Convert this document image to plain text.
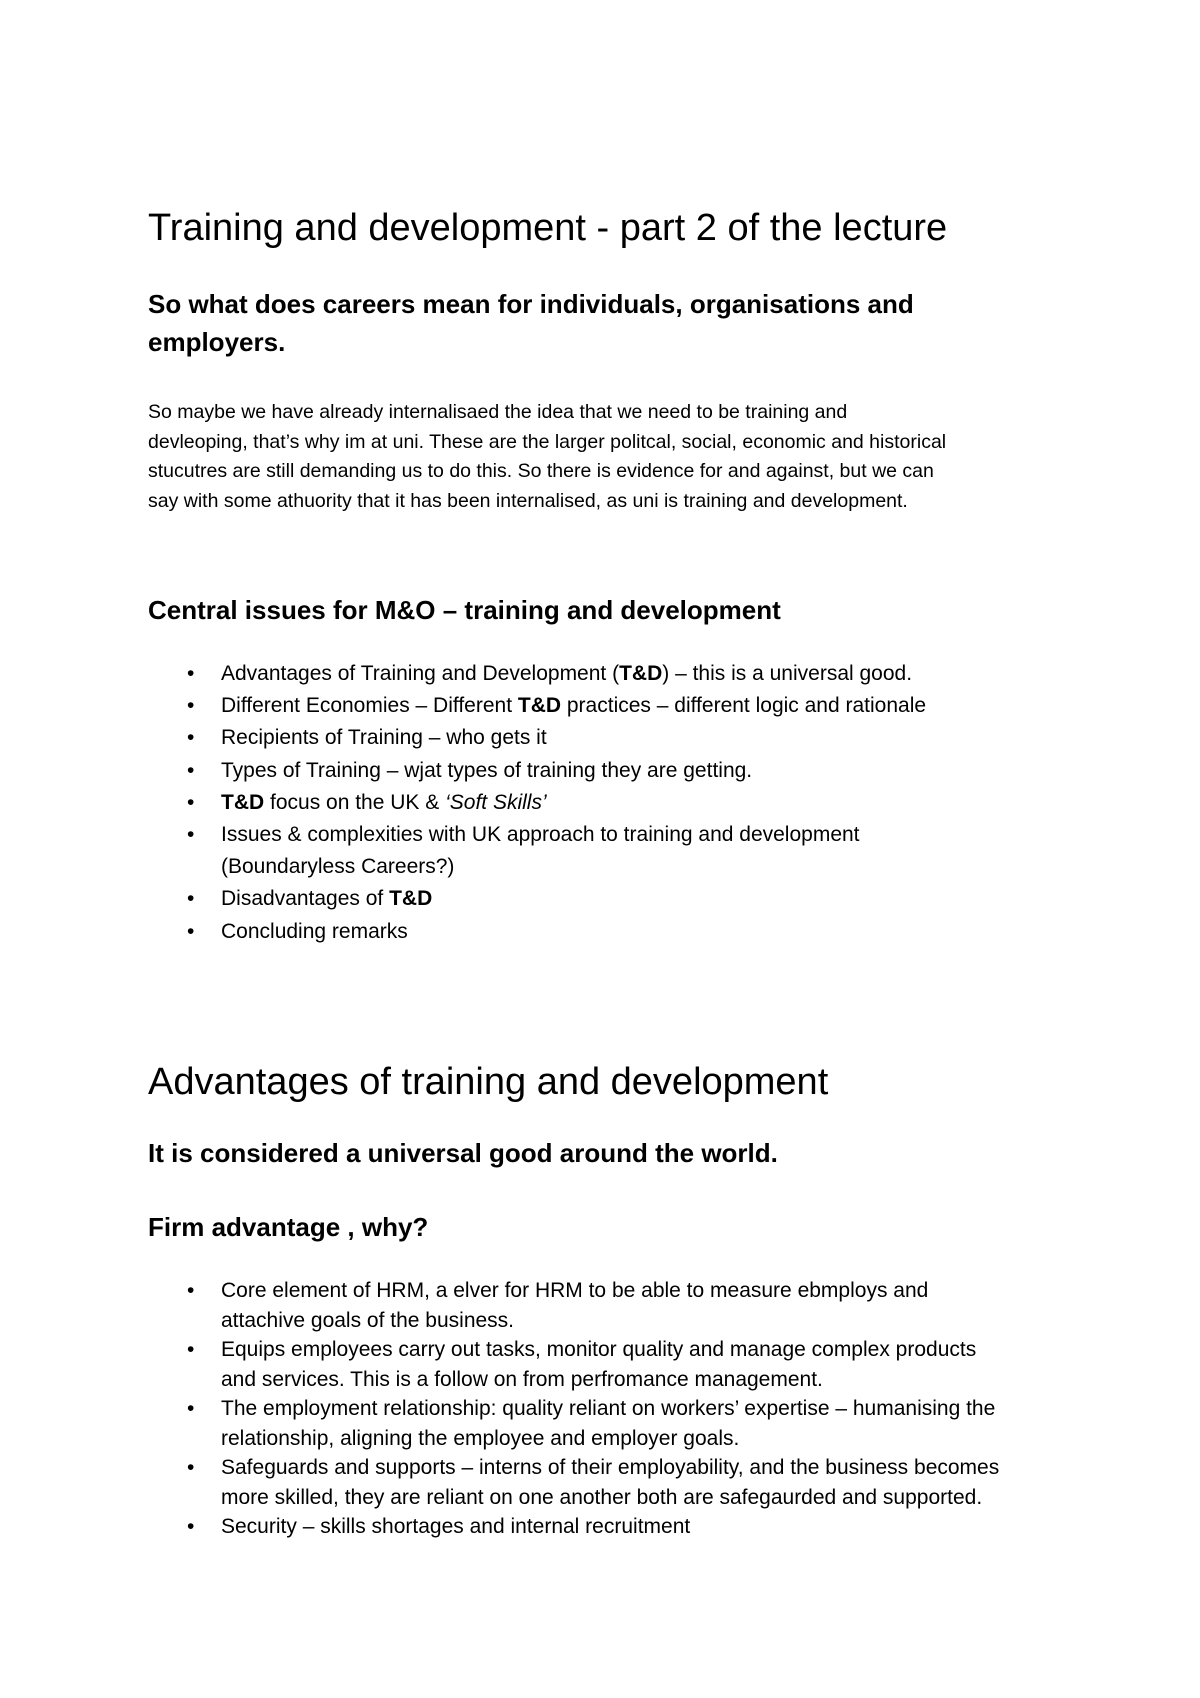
Training and development - part 2 of the lecture
So what does careers mean for individuals, organisations and
employers.
So maybe we have already internalisaed the idea that we need to be training and
devleoping, that’s why im at uni. These are the larger politcal, social, economic and historical
stucutres are still demanding us to do this. So there is evidence for and against, but we can
say with some athuority that it has been internalised, as uni is training and development.
Central issues for M&O – training and development
• Advantages of Training and Development (T&D) – this is a universal good.
• Different Economies – Different T&D practices – different logic and rationale
• Recipients of Training – who gets it
• Types of Training – wjat types of training they are getting.
• T&D focus on the UK & ‘Soft Skills’
• Issues & complexities with UK approach to training and development
(Boundaryless Careers?)
• Disadvantages of T&D
• Concluding remarks
Advantages of training and development
It is considered a universal good around the world.
Firm advantage , why?
• Core element of HRM, a elver for HRM to be able to measure ebmploys and
attachive goals of the business.
• Equips employees carry out tasks, monitor quality and manage complex products
and services. This is a follow on from perfromance management.
• The employment relationship: quality reliant on workers’ expertise – humanising the
relationship, aligning the employee and employer goals.
• Safeguards and supports – interns of their employability, and the business becomes
more skilled, they are reliant on one another both are safegaurded and supported.
• Security – skills shortages and internal recruitment
